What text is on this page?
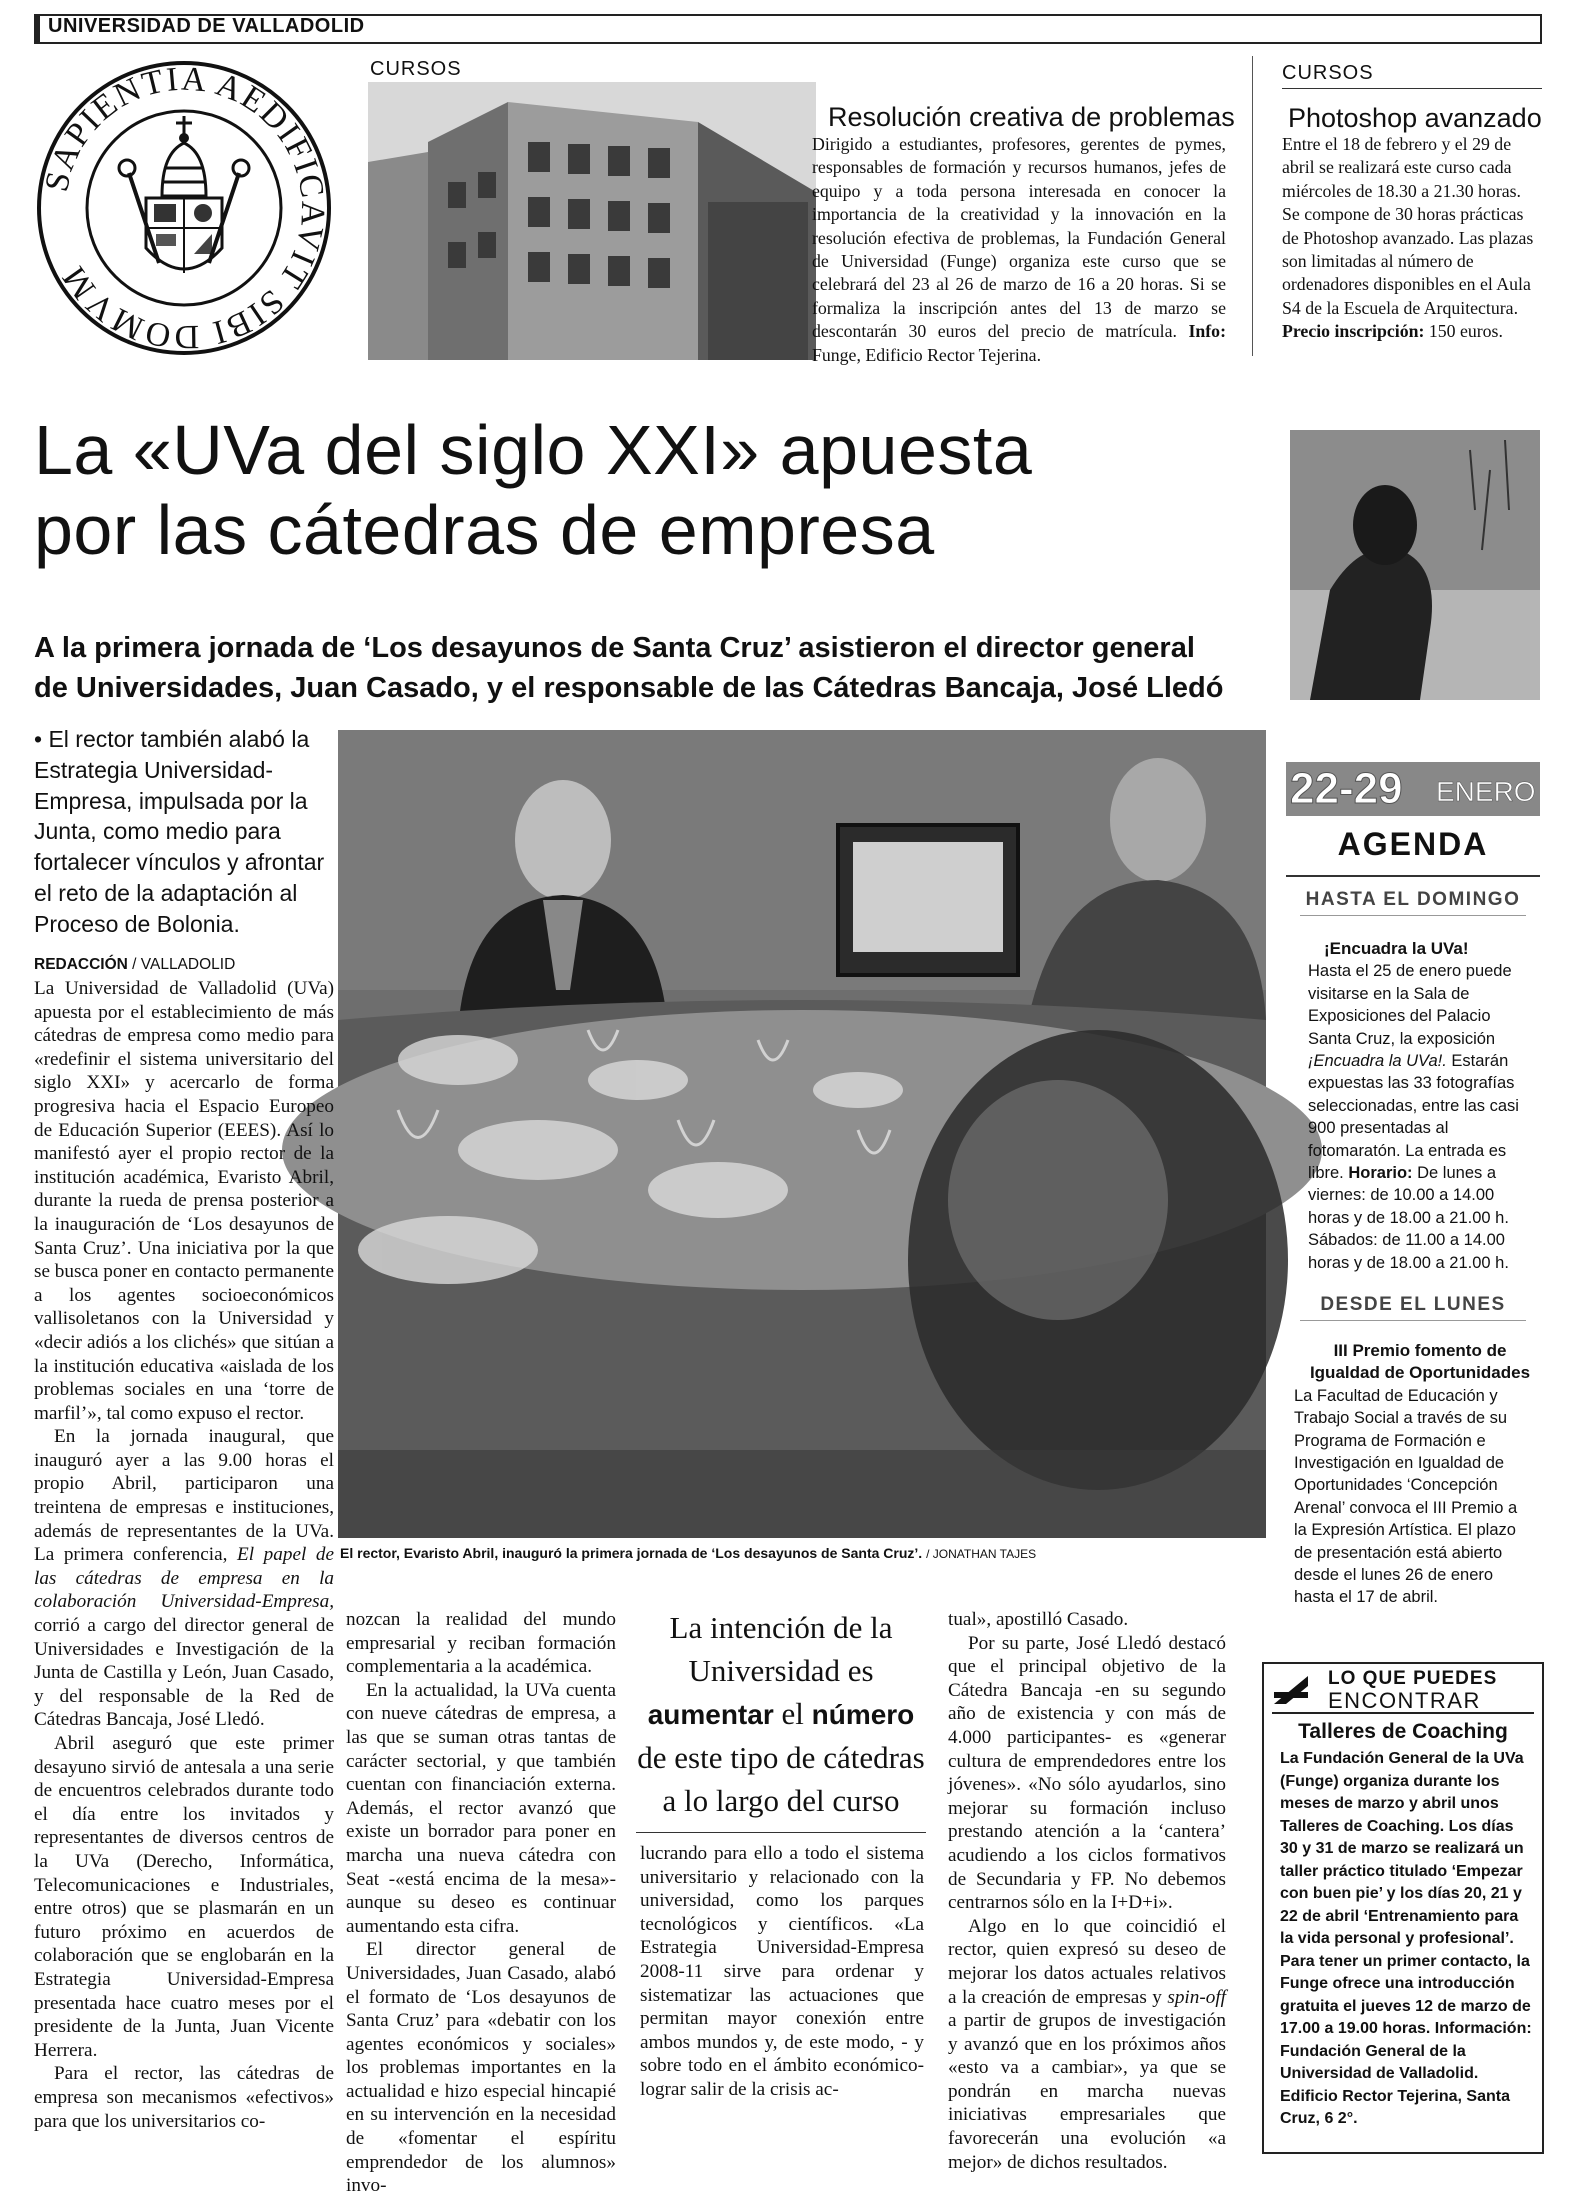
UNIVERSIDAD DE VALLADOLID
SAPIENTIA AEDIFICAVIT SIBI DOMVM
CURSOS
Resolución creativa de problemas
Dirigido a estudiantes, profesores, gerentes de pymes, responsables de formación y recursos humanos, jefes de equipo y a toda persona interesada en conocer la importancia de la creatividad y la innovación en la resolución efectiva de problemas, la Fundación General de Universidad (Funge) organiza este curso que se celebrará del 23 al 26 de marzo de 16 a 20 horas. Si se formaliza la inscripción antes del 13 de marzo se descontarán 30 euros del precio de matrícula. Info: Funge, Edificio Rector Tejerina.
CURSOS
Photoshop avanzado
Entre el 18 de febrero y el 29 de abril se realizará este curso cada miércoles de 18.30 a 21.30 horas. Se compone de 30 horas prácticas de Photoshop avanzado. Las plazas son limitadas al número de ordenadores disponibles en el Aula S4 de la Escuela de Arquitectura. Precio inscripción: 150 euros.
La «UVa del siglo XXI» apuesta
por las cátedras de empresa
A la primera jornada de ‘Los desayunos de Santa Cruz’ asistieron el director general
de Universidades, Juan Casado, y el responsable de las Cátedras Bancaja, José Lledó
• El rector también alabó la Estrategia Universidad-Empresa, impulsada por la Junta, como medio para fortalecer vínculos y afrontar el reto de la adaptación al Proceso de Bolonia.
El rector, Evaristo Abril, inauguró la primera jornada de ‘Los desayunos de Santa Cruz’. / JONATHAN TAJES
REDACCIÓN / VALLADOLID

La Universidad de Valladolid (UVa) apuesta por el establecimiento de más cátedras de empresa como medio para «redefinir el sistema universitario del siglo XXI» y acercarlo de forma progresiva hacia el Espacio Europeo de Educación Superior (EEES). Así lo manifestó ayer el propio rector de la institución académica, Evaristo Abril, durante la rueda de prensa posterior a la inauguración de ‘Los desayunos de Santa Cruz’. Una iniciativa por la que se busca poner en contacto permanente a los agentes socioeconómicos vallisoletanos con la Universidad y «decir adiós a los clichés» que sitúan a la institución educativa «aislada de los problemas sociales en una ‘torre de marfil’», tal como expuso el rector.

En la jornada inaugural, que inauguró ayer a las 9.00 horas el propio Abril, participaron una treintena de empresas e instituciones, además de representantes de la UVa. La primera conferencia, El papel de las cátedras de empresa en la colaboración Universidad-Empresa, corrió a cargo del director general de Universidades e Investigación de la Junta de Castilla y León, Juan Casado, y del responsable de la Red de Cátedras Bancaja, José Lledó.

Abril aseguró que este primer desayuno sirvió de antesala a una serie de encuentros celebrados durante todo el día entre los invitados y representantes de diversos centros de la UVa (Derecho, Informática, Telecomunicaciones e Industriales, entre otros) que se plasmarán en un futuro próximo en acuerdos de colaboración que se englobarán en la Estrategia Universidad-Empresa presentada hace cuatro meses por el presidente de la Junta, Juan Vicente Herrera.

Para el rector, las cátedras de empresa son mecanismos «efectivos» para que los universitarios co-

nozcan la realidad del mundo empresarial y reciban formación complementaria a la académica.

En la actualidad, la UVa cuenta con nueve cátedras de empresa, a las que se suman otras tantas de carácter sectorial, y que también cuentan con financiación externa. Además, el rector avanzó que existe un borrador para poner en marcha una nueva cátedra con Seat -«está encima de la mesa»- aunque su deseo es continuar aumentando esta cifra.

El director general de Universidades, Juan Casado, alabó el formato de ‘Los desayunos de Santa Cruz’ para «debatir con los agentes económicos y sociales» los problemas importantes en la actualidad e hizo especial hincapié en su intervención en la necesidad de «fomentar el espíritu emprendedor de los alumnos» invo-

La intención de la Universidad es aumentar el número de este tipo de cátedras a lo largo del curso

lucrando para ello a todo el sistema universitario y relacionado con la universidad, como los parques tecnológicos y científicos. «La Estrategia Universidad-Empresa 2008-11 sirve para ordenar y sistematizar las actuaciones que permitan mayor conexión entre ambos mundos y, de este modo, - y sobre todo en el ámbito económico- lograr salir de la crisis ac-

tual», apostilló Casado.

Por su parte, José Lledó destacó que el principal objetivo de la Cátedra Bancaja -en su segundo año de existencia y con más de 4.000 participantes- es «generar cultura de emprendedores entre los jóvenes». «No sólo ayudarlos, sino mejorar su formación incluso prestando atención a la ‘cantera’ acudiendo a los ciclos formativos de Secundaria y FP. No debemos centrarnos sólo en la I+D+i».

Algo en lo que coincidió el rector, quien expresó su deseo de mejorar los datos actuales relativos a la creación de empresas y spin-off a partir de grupos de investigación y avanzó que en los próximos años «esto va a cambiar», ya que se pondrán en marcha nuevas iniciativas empresariales que favorecerán una evolución «a mejor» de dichos resultados.

22-29 ENERO
AGENDA
HASTA EL DOMINGO
¡Encuadra la UVa!
Hasta el 25 de enero puede visitarse en la Sala de Exposiciones del Palacio Santa Cruz, la exposición ¡Encuadra la UVa!. Estarán expuestas las 33 fotografías seleccionadas, entre las casi 900 presentadas al fotomaratón. La entrada es libre. Horario: De lunes a viernes: de 10.00 a 14.00 horas y de 18.00 a 21.00 h. Sábados: de 11.00 a 14.00 horas y de 18.00 a 21.00 h.
DESDE EL LUNES
III Premio fomento de Igualdad de Oportunidades
La Facultad de Educación y Trabajo Social a través de su Programa de Formación e Investigación en Igualdad de Oportunidades ‘Concepción Arenal’ convoca el III Premio a la Expresión Artística. El plazo de presentación está abierto desde el lunes 26 de enero hasta el 17 de abril.
LO QUE PUEDES
ENCONTRAR
Talleres de Coaching
La Fundación General de la UVa (Funge) organiza durante los meses de marzo y abril unos Talleres de Coaching. Los días 30 y 31 de marzo se realizará un taller práctico titulado ‘Empezar con buen pie’ y los días 20, 21 y 22 de abril ‘Entrenamiento para la vida personal y profesional’. Para tener un primer contacto, la Funge ofrece una introducción gratuita el jueves 12 de marzo de 17.00 a 19.00 horas. Información: Fundación General de la Universidad de Valladolid. Edificio Rector Tejerina, Santa Cruz, 6 2°.
